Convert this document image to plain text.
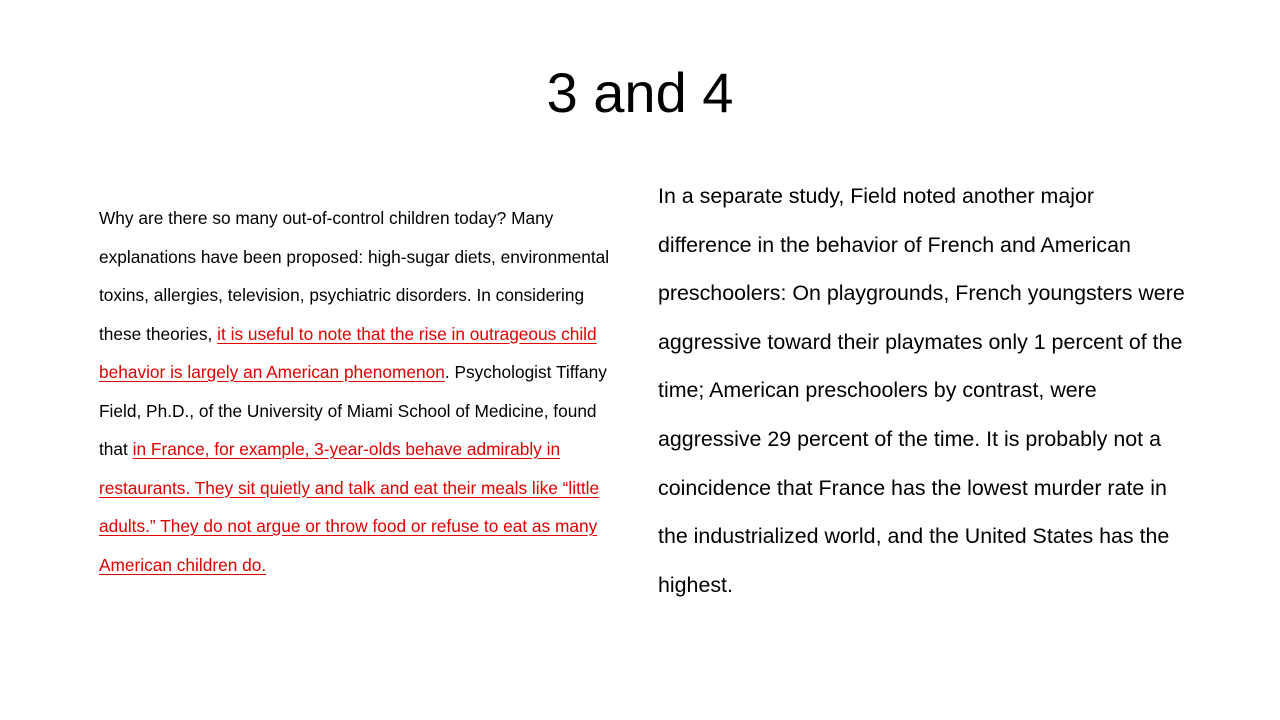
3 and 4

Why are there so many out-of-control children today? Many explanations have been proposed: high-sugar diets, environmental toxins, allergies, television, psychiatric disorders. In considering these theories, it is useful to note that the rise in outrageous child behavior is largely an American phenomenon. Psychologist Tiffany Field, Ph.D., of the University of Miami School of Medicine, found that in France, for example, 3-year-olds behave admirably in restaurants. They sit quietly and talk and eat their meals like “little adults.” They do not argue or throw food or refuse to eat as many American children do.

In a separate study, Field noted another major difference in the behavior of French and American preschoolers: On playgrounds, French youngsters were aggressive toward their playmates only 1 percent of the time; American preschoolers by contrast, were aggressive 29 percent of the time. It is probably not a coincidence that France has the lowest murder rate in the industrialized world, and the United States has the highest.
